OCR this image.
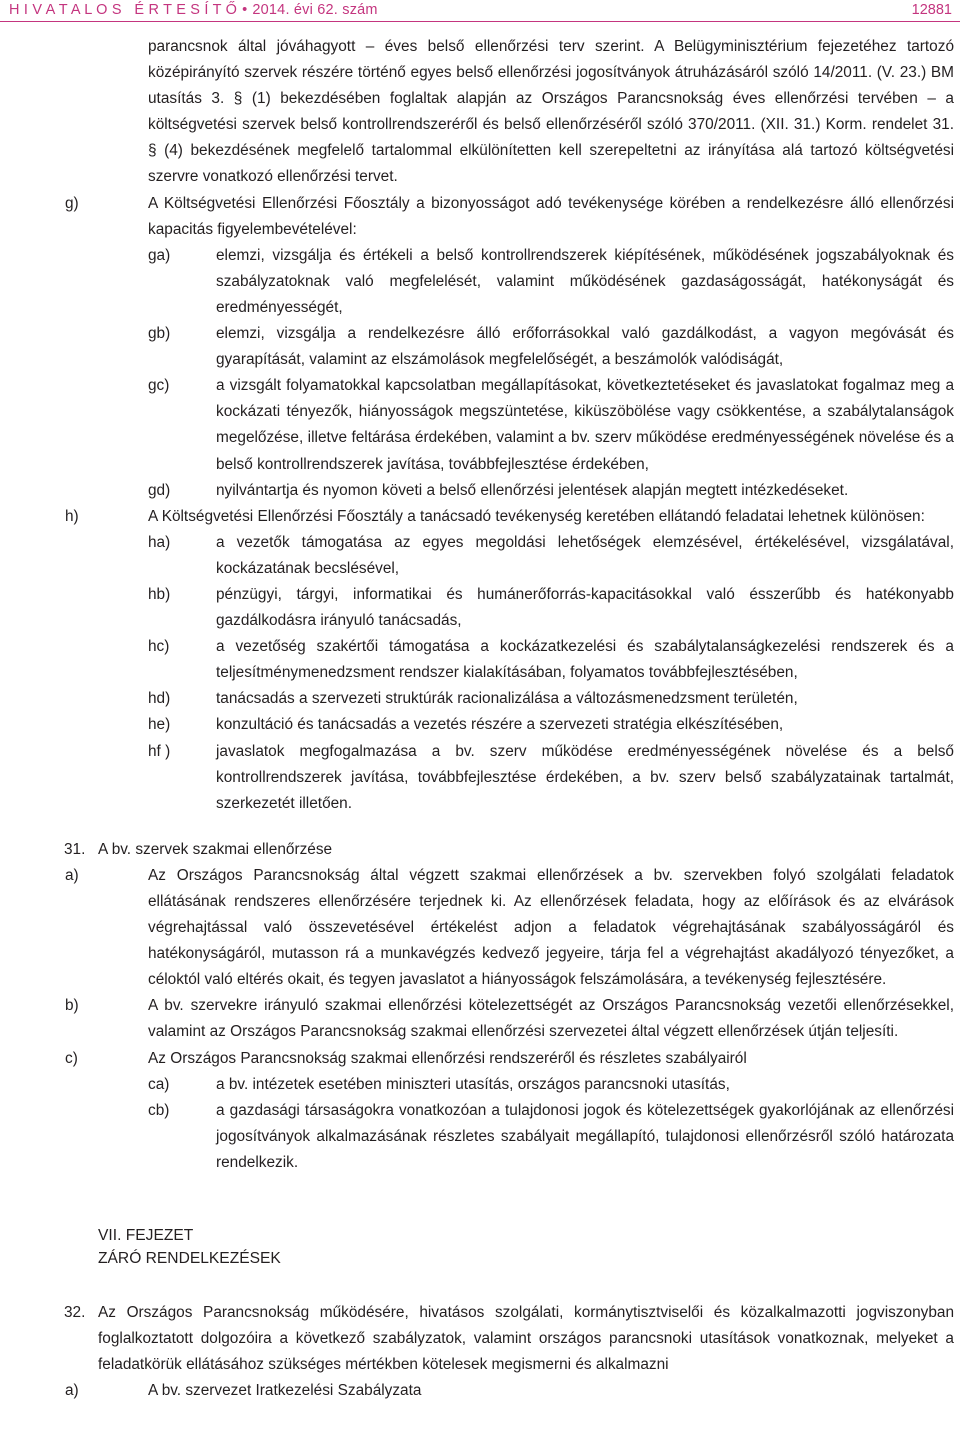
H I V A T A L O S   É R T E S Í T Ő • 2014. évi 62. szám	12881

parancsnok által jóváhagyott – éves belső ellenőrzési terv szerint. A Belügyminisztérium fejezetéhez tartozó középirányító szervek részére történő egyes belső ellenőrzési jogosítványok átruházásáról szóló 14/2011. (V. 23.) BM utasítás 3. § (1) bekezdésében foglaltak alapján az Országos Parancsnokság éves ellenőrzési tervében – a költségvetési szervek belső kontrollrendszeréről és belső ellenőrzéséről szóló 370/2011. (XII. 31.) Korm. rendelet 31. § (4) bekezdésének megfelelő tartalommal elkülönítetten kell szerepeltetni az irányítása alá tartozó költségvetési szervre vonatkozó ellenőrzési tervet.

g)	A Költségvetési Ellenőrzési Főosztály a bizonyosságot adó tevékenysége körében a rendelkezésre álló ellenőrzési kapacitás figyelembevételével:
ga)	elemzi, vizsgálja és értékeli a belső kontrollrendszerek kiépítésének, működésének jogszabályoknak és szabályzatoknak való megfelelését, valamint működésének gazdaságosságát, hatékonyságát és eredményességét,
gb)	elemzi, vizsgálja a rendelkezésre álló erőforrásokkal való gazdálkodást, a vagyon megóvását és gyarapítását, valamint az elszámolások megfelelőségét, a beszámolók valódiságát,
gc)	a vizsgált folyamatokkal kapcsolatban megállapításokat, következtetéseket és javaslatokat fogalmaz meg a kockázati tényezők, hiányosságok megszüntetése, kiküszöbölése vagy csökkentése, a szabálytalanságok megelőzése, illetve feltárása érdekében, valamint a bv. szerv működése eredményességének növelése és a belső kontrollrendszerek javítása, továbbfejlesztése érdekében,
gd)	nyilvántartja és nyomon követi a belső ellenőrzési jelentések alapján megtett intézkedéseket.
h)	A Költségvetési Ellenőrzési Főosztály a tanácsadó tevékenység keretében ellátandó feladatai lehetnek különösen:
ha)	a vezetők támogatása az egyes megoldási lehetőségek elemzésével, értékelésével, vizsgálatával, kockázatának becslésével,
hb)	pénzügyi, tárgyi, informatikai és humánerőforrás-kapacitásokkal való ésszerűbb és hatékonyabb gazdálkodásra irányuló tanácsadás,
hc)	a vezetőség szakértői támogatása a kockázatkezelési és szabálytalanságkezelési rendszerek és a teljesítménymenedzsment rendszer kialakításában, folyamatos továbbfejlesztésében,
hd)	tanácsadás a szervezeti struktúrák racionalizálása a változásmenedzsment területén,
he)	konzultáció és tanácsadás a vezetés részére a szervezeti stratégia elkészítésében,
hf )	javaslatok megfogalmazása a bv. szerv működése eredményességének növelése és a belső kontrollrendszerek javítása, továbbfejlesztése érdekében, a bv. szerv belső szabályzatainak tartalmát, szerkezetét illetően.
31. A bv. szervek szakmai ellenőrzése
a)	Az Országos Parancsnokság által végzett szakmai ellenőrzések a bv. szervekben folyó szolgálati feladatok ellátásának rendszeres ellenőrzésére terjednek ki. Az ellenőrzések feladata, hogy az előírások és az elvárások végrehajtással való összevetésével értékelést adjon a feladatok végrehajtásának szabályosságáról és hatékonyságáról, mutasson rá a munkavégzés kedvező jegyeire, tárja fel a végrehajtást akadályozó tényezőket, a céloktól való eltérés okait, és tegyen javaslatot a hiányosságok felszámolására, a tevékenység fejlesztésére.
b)	A bv. szervekre irányuló szakmai ellenőrzési kötelezettségét az Országos Parancsnokság vezetői ellenőrzésekkel, valamint az Országos Parancsnokság szakmai ellenőrzési szervezetei által végzett ellenőrzések útján teljesíti.
c)	Az Országos Parancsnokság szakmai ellenőrzési rendszeréről és részletes szabályairól
ca)	a bv. intézetek esetében miniszteri utasítás, országos parancsnoki utasítás,
cb)	a gazdasági társaságokra vonatkozóan a tulajdonosi jogok és kötelezettségek gyakorlójának az ellenőrzési jogosítványok alkalmazásának részletes szabályait megállapító, tulajdonosi ellenőrzésről szóló határozata rendelkezik.
VII. FEJEZET
ZÁRÓ RENDELKEZÉSEK
32. Az Országos Parancsnokság működésére, hivatásos szolgálati, kormánytisztviselői és közalkalmazotti jogviszonyban foglalkoztatott dolgozóira a következő szabályzatok, valamint országos parancsnoki utasítások vonatkoznak, melyeket a feladatkörük ellátásához szükséges mértékben kötelesek megismerni és alkalmazni
a)	A bv. szervezet Iratkezelési Szabályzata
